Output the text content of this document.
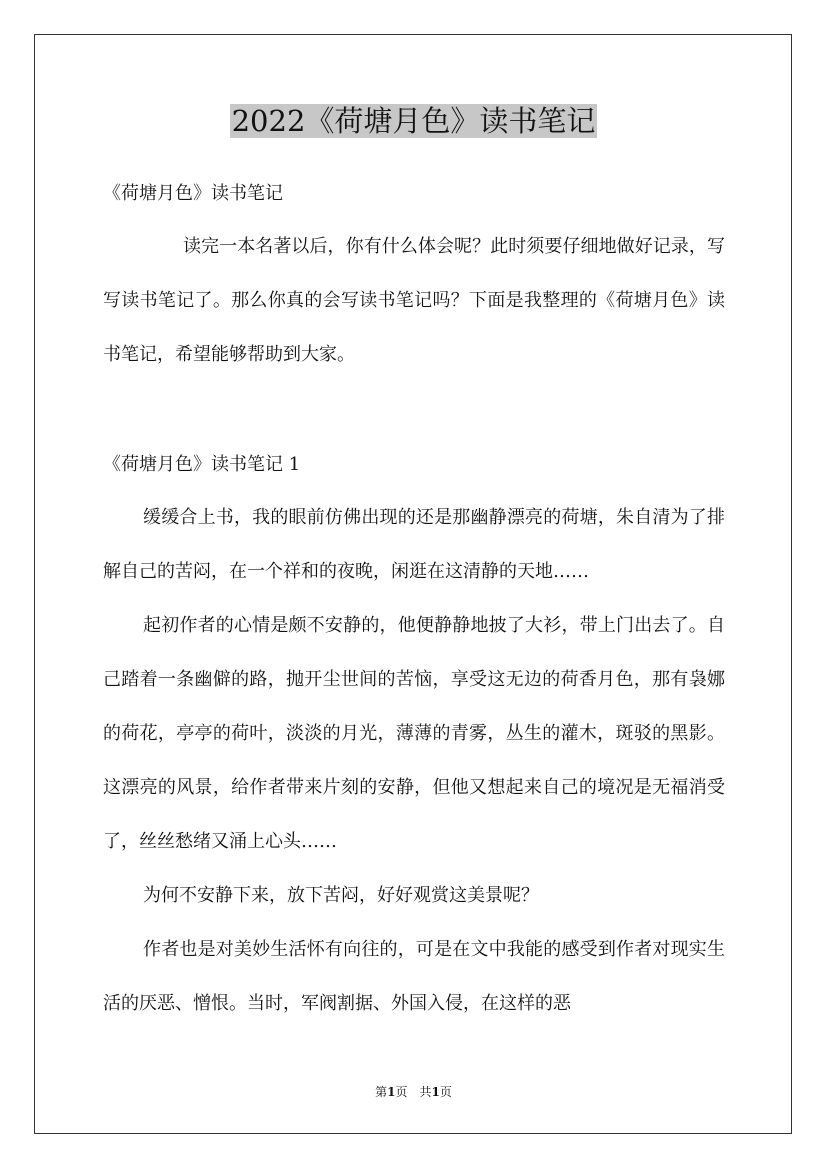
2022《荷塘月色》读书笔记
《荷塘月色》读书笔记

读完一本名著以后，你有什么体会呢？此时须要仔细地做好记录，写写读书笔记了。那么你真的会写读书笔记吗？下面是我整理的《荷塘月色》读书笔记，希望能够帮助到大家。

《荷塘月色》读书笔记 1

缓缓合上书，我的眼前仿佛出现的还是那幽静漂亮的荷塘，朱自清为了排解自己的苦闷，在一个祥和的夜晚，闲逛在这清静的天地……

起初作者的心情是颇不安静的，他便静静地披了大衫，带上门出去了。自己踏着一条幽僻的路，抛开尘世间的苦恼，享受这无边的荷香月色，那有袅娜的荷花，亭亭的荷叶，淡淡的月光，薄薄的青雾，丛生的灌木，斑驳的黑影。这漂亮的风景，给作者带来片刻的安静，但他又想起来自己的境况是无福消受了，丝丝愁绪又涌上心头……

为何不安静下来，放下苦闷，好好观赏这美景呢？

作者也是对美妙生活怀有向往的，可是在文中我能的感受到作者对现实生活的厌恶、憎恨。当时，军阀割据、外国入侵，在这样的恶

第1页　共1页
